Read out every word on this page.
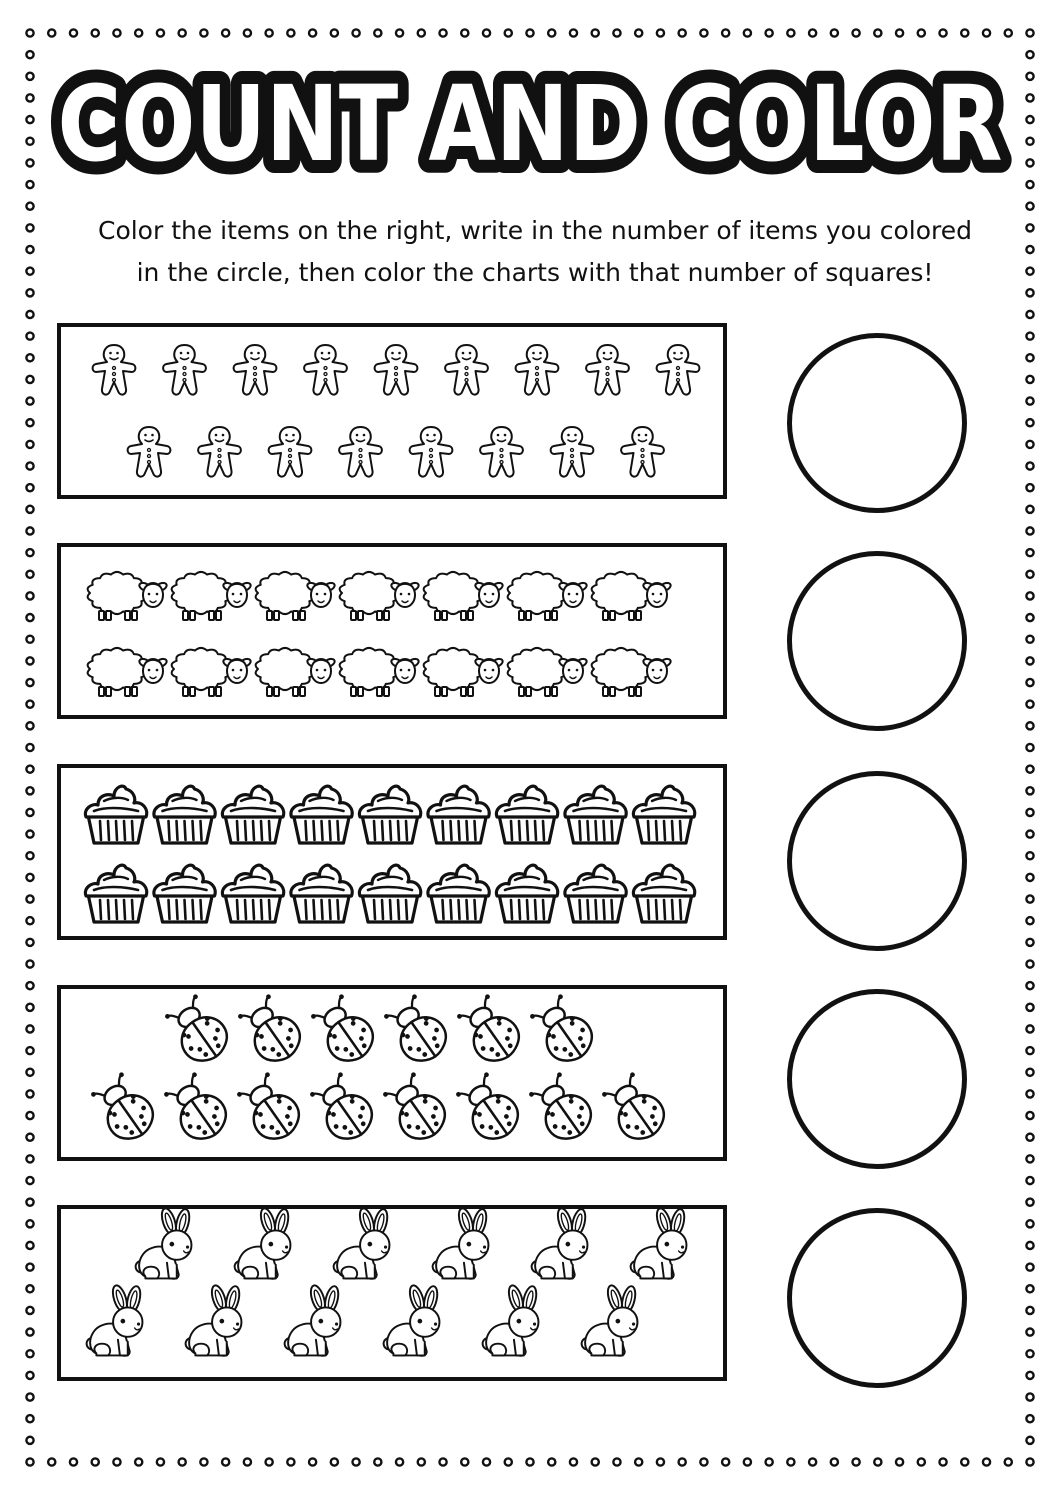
COUNT AND COLOR
COUNT AND COLOR
Color the items on the right, write in the number of items you colored
in the circle, then color the charts with that number of squares!
